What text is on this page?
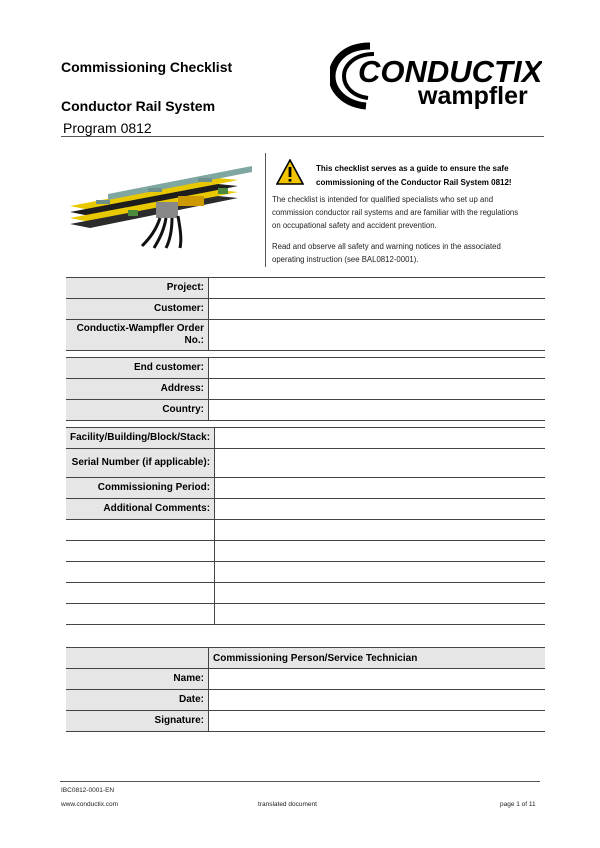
Commissioning Checklist
Conductor Rail System
Program 0812
CONDUCTIX
wampfler
This checklist serves as a guide to ensure the safe
commissioning of the Conductor Rail System 0812!
The checklist is intended for qualified specialists who set up and
commission conductor rail systems and are familiar with the regulations
on occupational safety and accident prevention.
Read and observe all safety and warning notices in the associated
operating instruction (see BAL0812-0001).
Project:	
Customer:	
Conductix-Wampfler Order No.:	
End customer:	
Address:	
Country:	
Facility/Building/Block/Stack:	
Serial Number (if applicable):	
Commissioning Period:	
Additional Comments:	

	Commissioning Person/Service Technician
Name:	
Date:	
Signature:	
IBC0812-0001-EN
www.conductix.com	translated document	page 1 of 11
